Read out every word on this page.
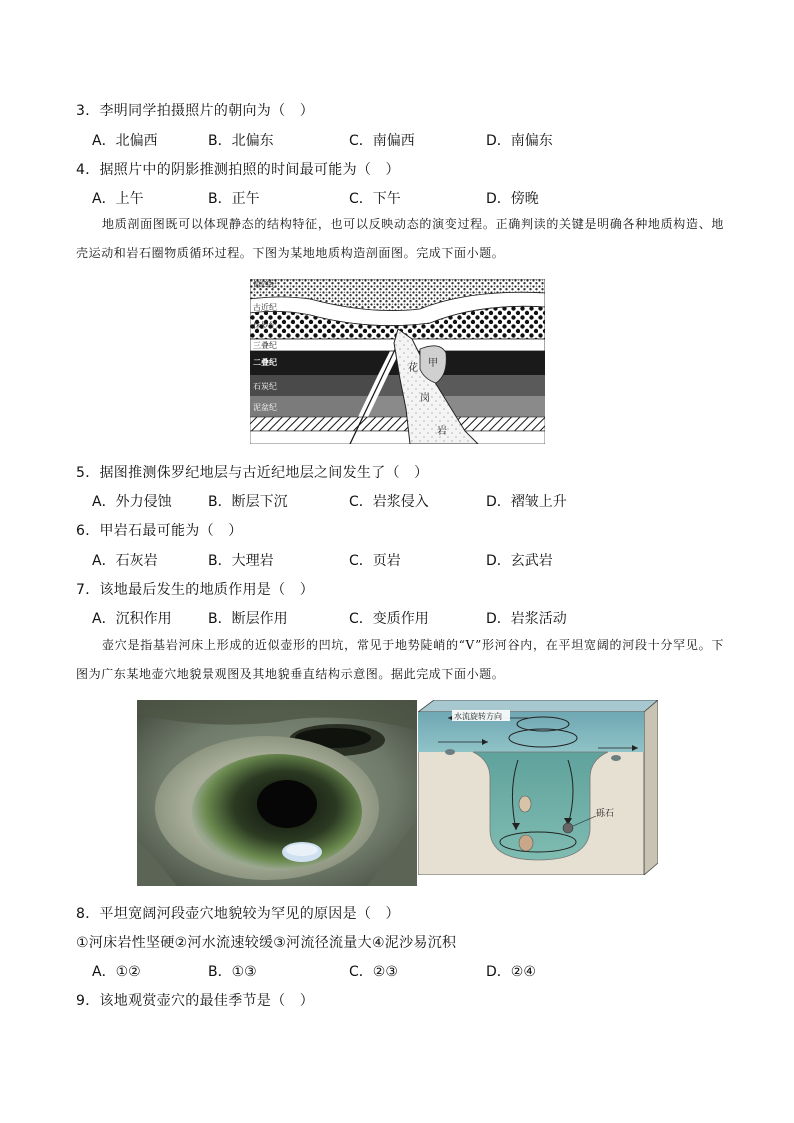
3．李明同学拍摄照片的朝向为（　）
A．北偏西	B．北偏东	C．南偏西	D．南偏东
4．据照片中的阴影推测拍照的时间最可能为（　）
A．上午	B．正午	C．下午	D．傍晚

地质剖面图既可以体现静态的结构特征，也可以反映动态的演变过程。正确判读的关键是明确各种地质构造、地壳运动和岩石圈物质循环过程。下图为某地地质构造剖面图。完成下面小题。

第四纪
古近纪
侏罗纪
三叠纪
二叠纪
石炭纪
泥盆纪
甲
花
岗
岩
5．据图推测侏罗纪地层与古近纪地层之间发生了（　）
A．外力侵蚀	B．断层下沉	C．岩浆侵入	D．褶皱上升
6．甲岩石最可能为（　）
A．石灰岩	B．大理岩	C．页岩	D．玄武岩
7．该地最后发生的地质作用是（　）
A．沉积作用	B．断层作用	C．变质作用	D．岩浆活动

壶穴是指基岩河床上形成的近似壶形的凹坑，常见于地势陡峭的“V”形河谷内，在平坦宽阔的河段十分罕见。下图为广东某地壶穴地貌景观图及其地貌垂直结构示意图。据此完成下面小题。

水流旋转方向
砾石
8．平坦宽阔河段壶穴地貌较为罕见的原因是（　）
①河床岩性坚硬②河水流速较缓③河流径流量大④泥沙易沉积
A．①②	B．①③	C．②③	D．②④
9．该地观赏壶穴的最佳季节是（　）
